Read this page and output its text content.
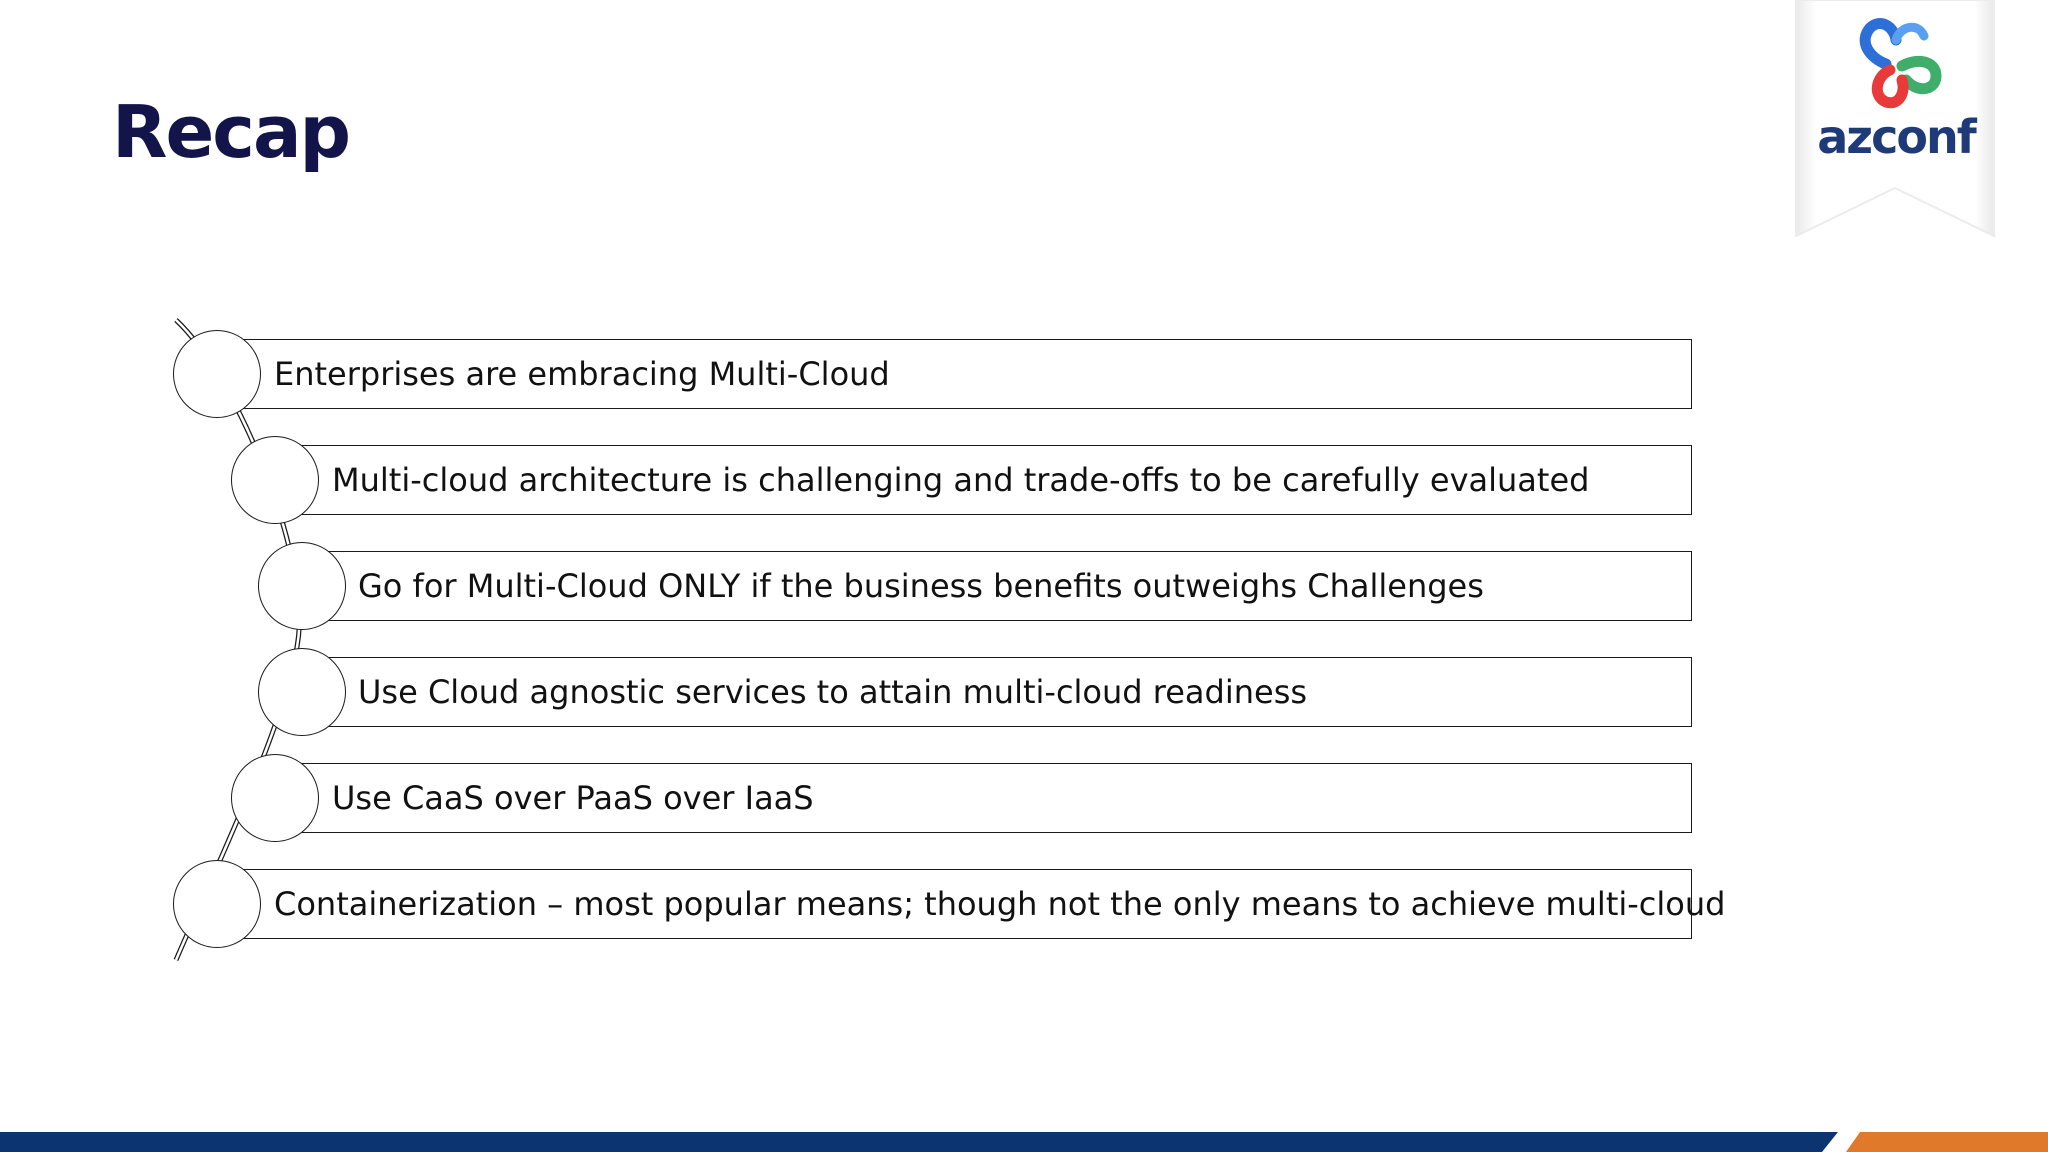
Recap	azconf
Enterprises are embracing Multi-Cloud
Multi-cloud architecture is challenging and trade-offs to be carefully evaluated
Go for Multi-Cloud ONLY if the business benefits outweighs Challenges
Use Cloud agnostic services to attain multi-cloud readiness
Use CaaS over PaaS over IaaS
Containerization – most popular means; though not the only means to achieve multi-cloud
